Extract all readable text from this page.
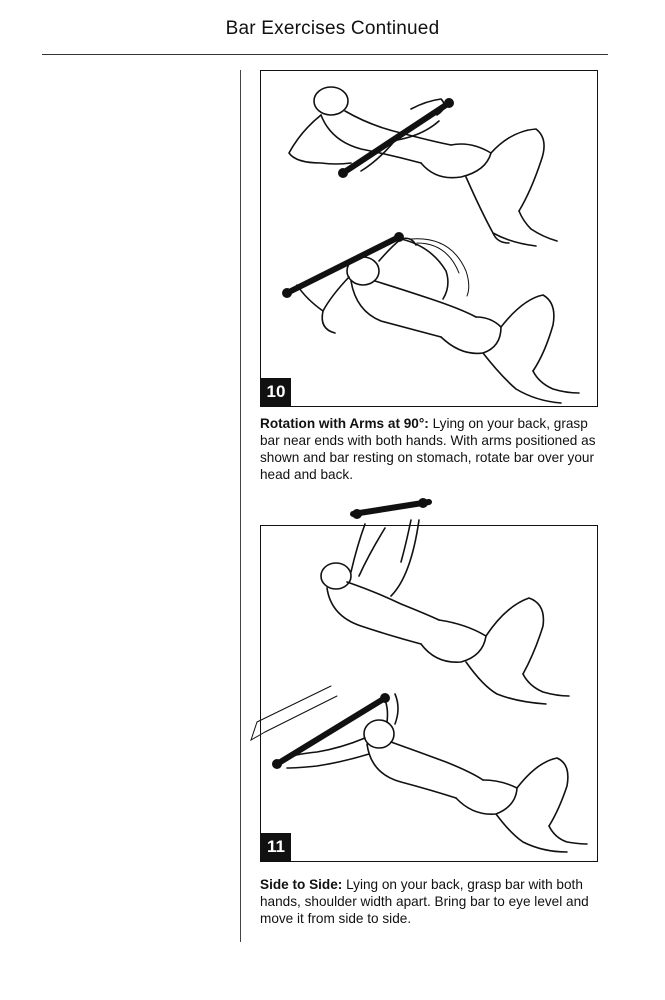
Bar Exercises Continued
10
Rotation with Arms at 90°: Lying on your back, grasp bar near ends with both hands. With arms positioned as shown and bar resting on stomach, rotate bar over your head and back.
11
Side to Side: Lying on your back, grasp bar with both hands, shoulder width apart. Bring bar to eye level and move it from side to side.
